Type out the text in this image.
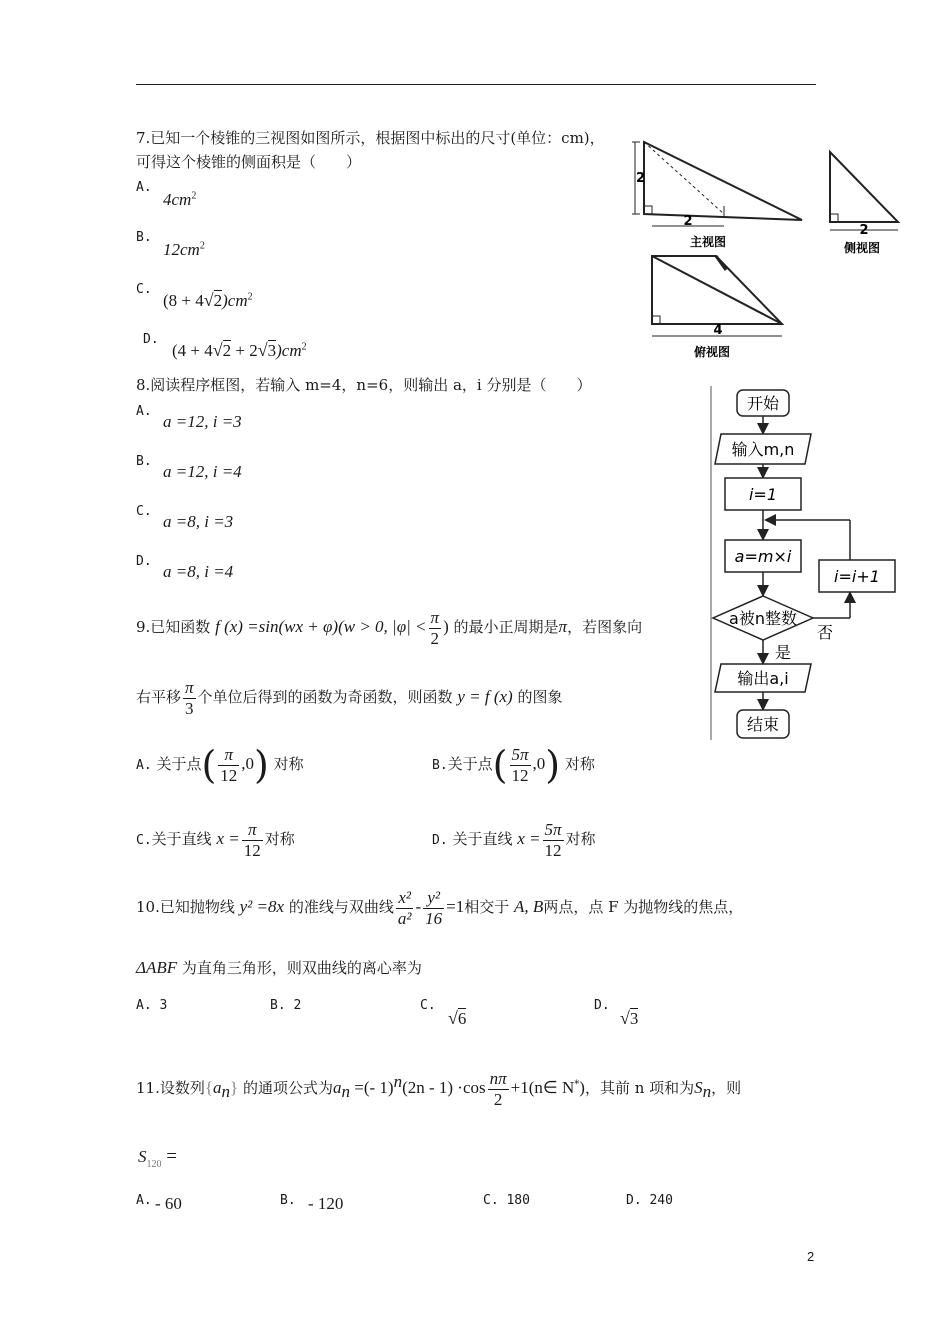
7.已知一个棱锥的三视图如图所示，根据图中标出的尺寸(单位：cm)，
可得这个棱锥的侧面积是（　　）
A.
$4cm^2$
B.
$12cm^2$
C.
$(8 + 4√2)cm^2$
D.
$(4 + 4√2 + 2√3)cm^2$
2
2
主视图
2
侧视图
4
俯视图
8.阅读程序框图，若输入 m=4，n=6，则输出 a，i 分别是（　　）
A.
a =12, i =3
B.
a =12, i =4
C.
a =8, i =3
D.
a =8, i =4
开始
输入m,n
i=1
a=m×i
i=i+1
a被n整数
否
是
输出a,i
结束
9.已知函数 f (x) =sin(wx + φ)(w > 0, $|\varphi| < \frac{\pi}{2}$ ) 的最小正周期是π，若图象向
右平移 $\frac{\pi}{3}$ 个单位后得到的函数为奇函数，则函数 y = f (x) 的图象
A. 关于点( $\frac{\pi}{12} ,0$) 对称	B.关于点( $\frac{5\pi}{12} ,0$) 对称
C.关于直线 $x = \frac{\pi}{12}$ 对称	D. 关于直线 $x = \frac{5\pi}{12}$ 对称
10.已知抛物线 y² =8x 的准线与双曲线 $\frac{\text{x²}}{\text{a²}} - \frac{\text{y²}}{16} =1$相交于 A, B两点，点 F 为抛物线的焦点，
ΔABF 为直角三角形，则双曲线的离心率为
A. 3	B. 2	C.
√6
D.
√3
11.设数列$\{a_n\}$ 的通项公式为$a_n$ =(- $1)^n(2n - 1) \cdot\cos \frac{n\pi}{2}$ +1(n∈ N*)，其前 n 项和为$S_n$，则
$S_{120}$ =
A. - 60	B. - 120	C. 180	D. 240
2
